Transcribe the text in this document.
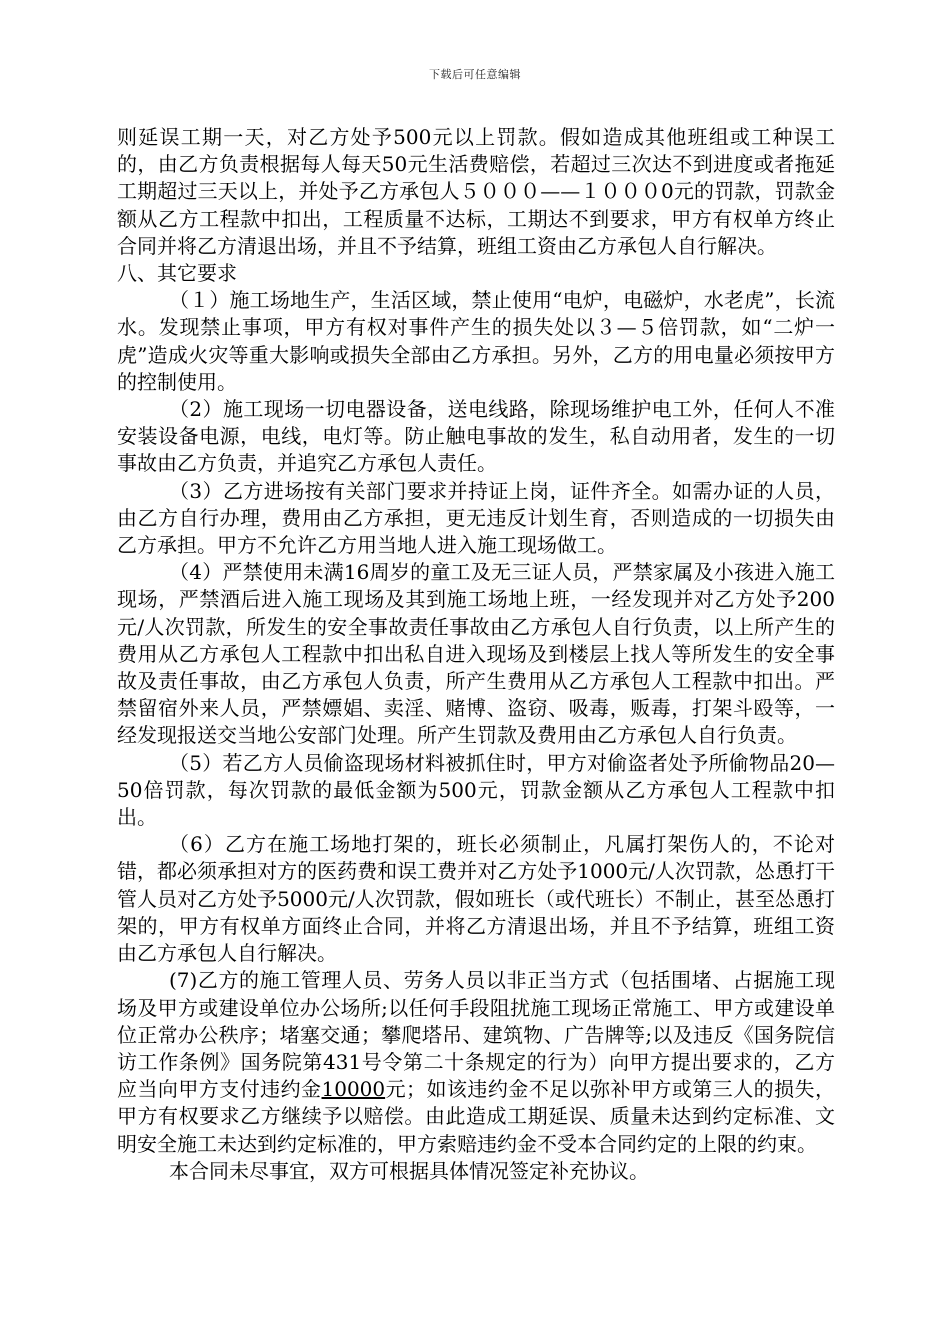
下载后可任意编辑

则延误工期一天，对乙方处予500元以上罚款。假如造成其他班组或工种误工的，由乙方负责根据每人每天50元生活费赔偿，若超过三次达不到进度或者拖延工期超过三天以上，并处予乙方承包人５０００——１０００0元的罚款，罚款金额从乙方工程款中扣出，工程质量不达标，工期达不到要求，甲方有权单方终止合同并将乙方清退出场，并且不予结算，班组工资由乙方承包人自行解决。

八、其它要求

（１）施工场地生产，生活区域，禁止使用“电炉，电磁炉，水老虎”，长流水。发现禁止事项，甲方有权对事件产生的损失处以３—５倍罚款，如“二炉一虎”造成火灾等重大影响或损失全部由乙方承担。另外，乙方的用电量必须按甲方的控制使用。

（2）施工现场一切电器设备，送电线路，除现场维护电工外，任何人不准安装设备电源，电线，电灯等。防止触电事故的发生，私自动用者，发生的一切事故由乙方负责，并追究乙方承包人责任。

（3）乙方进场按有关部门要求并持证上岗，证件齐全。如需办证的人员，由乙方自行办理，费用由乙方承担，更无违反计划生育，否则造成的一切损失由乙方承担。甲方不允许乙方用当地人进入施工现场做工。

（4）严禁使用未满16周岁的童工及无三证人员，严禁家属及小孩进入施工现场，严禁酒后进入施工现场及其到施工场地上班，一经发现并对乙方处予200元/人次罚款，所发生的安全事故责任事故由乙方承包人自行负责，以上所产生的费用从乙方承包人工程款中扣出私自进入现场及到楼层上找人等所发生的安全事故及责任事故，由乙方承包人负责，所产生费用从乙方承包人工程款中扣出。严禁留宿外来人员，严禁嫖娼、卖淫、赌博、盗窃、吸毒，贩毒，打架斗殴等，一经发现报送交当地公安部门处理。所产生罚款及费用由乙方承包人自行负责。

（5）若乙方人员偷盗现场材料被抓住时，甲方对偷盗者处予所偷物品20—50倍罚款，每次罚款的最低金额为500元，罚款金额从乙方承包人工程款中扣出。

（6）乙方在施工场地打架的，班长必须制止，凡属打架伤人的，不论对错，都必须承担对方的医药费和误工费并对乙方处予1000元/人次罚款，怂恿打干管人员对乙方处予5000元/人次罚款，假如班长（或代班长）不制止，甚至怂恿打架的，甲方有权单方面终止合同，并将乙方清退出场，并且不予结算，班组工资由乙方承包人自行解决。

(7)乙方的施工管理人员、劳务人员以非正当方式（包括围堵、占据施工现场及甲方或建设单位办公场所;以任何手段阻扰施工现场正常施工、甲方或建设单位正常办公秩序；堵塞交通；攀爬塔吊、建筑物、广告牌等;以及违反《国务院信访工作条例》国务院第431号令第二十条规定的行为）向甲方提出要求的，乙方应当向甲方支付违约金10000元；如该违约金不足以弥补甲方或第三人的损失，甲方有权要求乙方继续予以赔偿。由此造成工期延误、质量未达到约定标准、文明安全施工未达到约定标准的，甲方索赔违约金不受本合同约定的上限的约束。

本合同未尽事宜，双方可根据具体情况签定补充协议。
